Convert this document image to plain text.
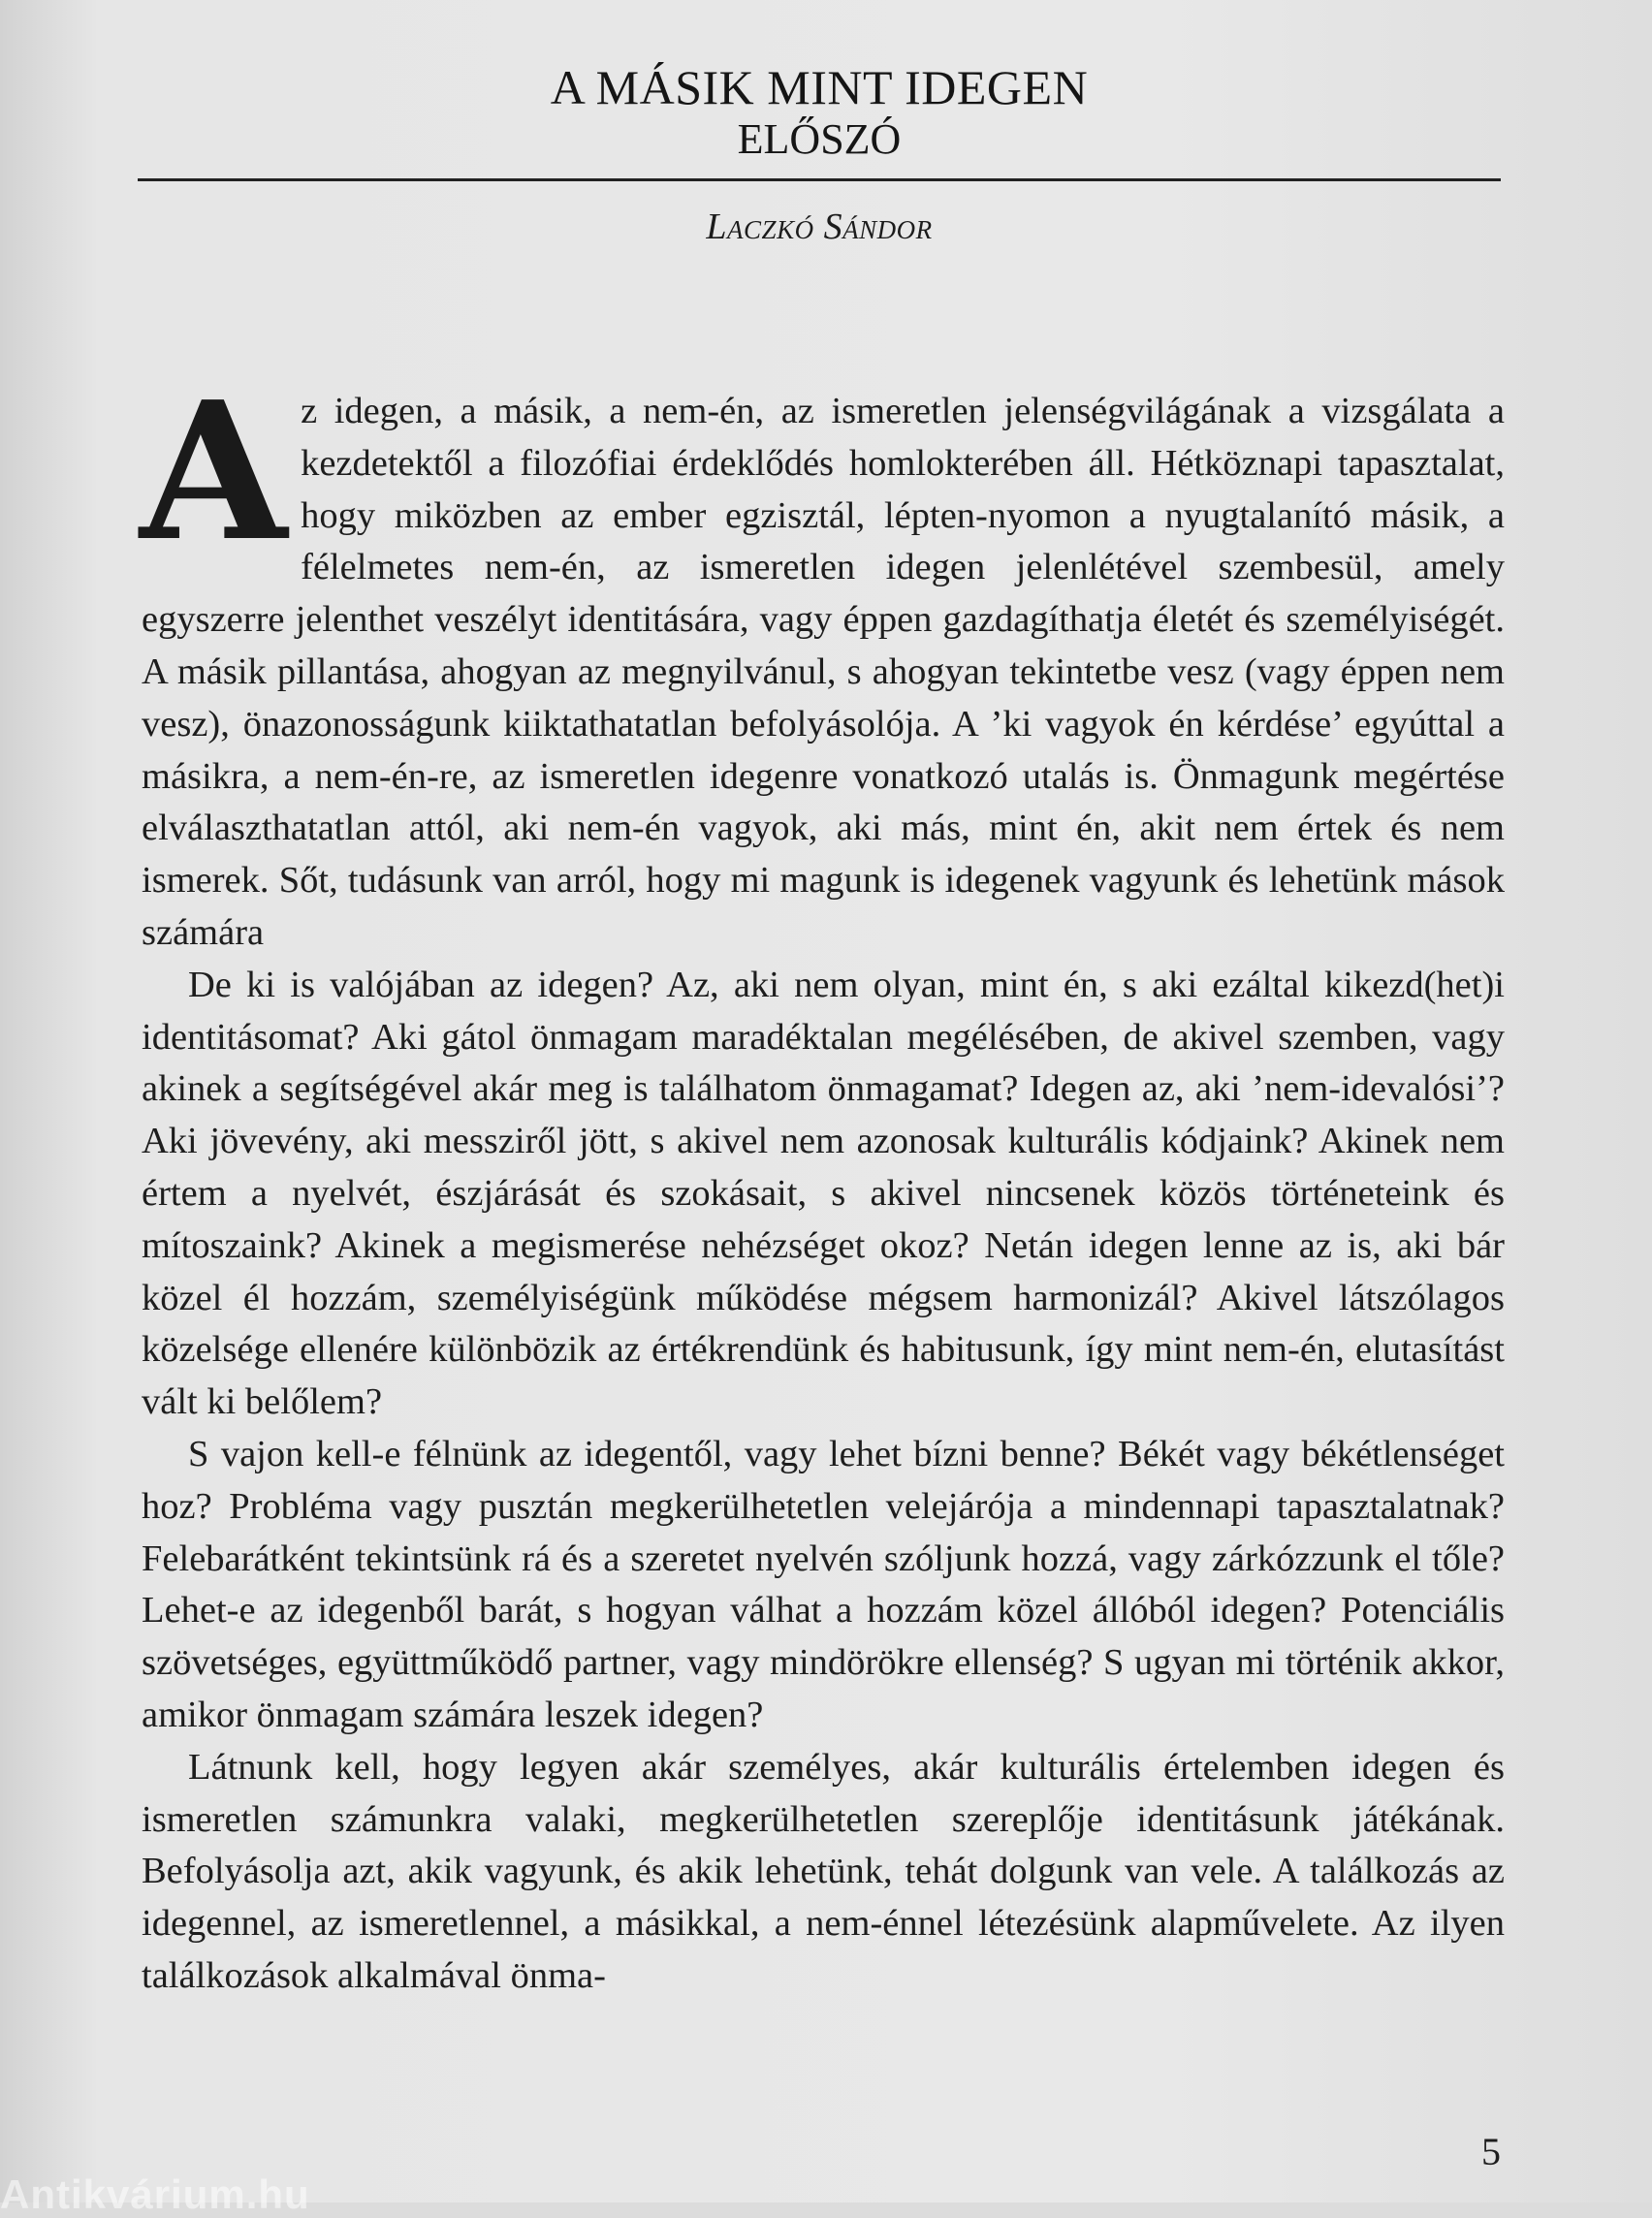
A MÁSIK MINT IDEGEN
ELŐSZÓ
Laczkó Sándor

Az idegen, a másik, a nem-én, az ismeretlen jelenségvilágának a vizsgálata a kezdetektől a filozófiai érdeklődés homlokterében áll. Hétköznapi tapasztalat, hogy miközben az ember egzisztál, lépten-nyomon a nyugtalanító másik, a félelmetes nem-én, az ismeretlen idegen jelenlétével szembesül, amely egyszerre jelenthet veszélyt identitására, vagy éppen gazdagíthatja életét és személyiségét. A másik pillantása, ahogyan az megnyilvánul, s ahogyan tekintetbe vesz (vagy éppen nem vesz), önazonosságunk kiiktathatatlan befolyásolója. A ’ki vagyok én kérdése’ egyúttal a másikra, a nem-én-re, az ismeretlen idegenre vonatkozó utalás is. Önmagunk megértése elválaszthatatlan attól, aki nem-én vagyok, aki más, mint én, akit nem értek és nem ismerek. Sőt, tudásunk van arról, hogy mi magunk is idegenek vagyunk és lehetünk mások számára

De ki is valójában az idegen? Az, aki nem olyan, mint én, s aki ezáltal kikezd(het)i identitásomat? Aki gátol önmagam maradéktalan megélésében, de akivel szemben, vagy akinek a segítségével akár meg is találhatom önmagamat? Idegen az, aki ’nem-idevalósi’? Aki jövevény, aki messziről jött, s akivel nem azonosak kulturális kódjaink? Akinek nem értem a nyelvét, észjárását és szokásait, s akivel nincsenek közös történeteink és mítoszaink? Akinek a megismerése nehézséget okoz? Netán idegen lenne az is, aki bár közel él hozzám, személyiségünk működése mégsem harmonizál? Akivel látszólagos közelsége ellenére különbözik az értékrendünk és habitusunk, így mint nem-én, elutasítást vált ki belőlem?

S vajon kell-e félnünk az idegentől, vagy lehet bízni benne? Békét vagy békétlenséget hoz? Probléma vagy pusztán megkerülhetetlen velejárója a mindennapi tapasztalatnak? Felebarátként tekintsünk rá és a szeretet nyelvén szóljunk hozzá, vagy zárkózzunk el tőle? Lehet-e az idegenből barát, s hogyan válhat a hozzám közel állóból idegen? Potenciális szövetséges, együttműködő partner, vagy mindörökre ellenség? S ugyan mi történik akkor, amikor önmagam számára leszek idegen?

Látnunk kell, hogy legyen akár személyes, akár kulturális értelemben idegen és ismeretlen számunkra valaki, megkerülhetetlen szereplője identitásunk játékának. Befolyásolja azt, akik vagyunk, és akik lehetünk, tehát dolgunk van vele. A találkozás az idegennel, az ismeretlennel, a másikkal, a nem-énnel létezésünk alapművelete. Az ilyen találkozások alkalmával önma-

5
Antikvárium.hu
